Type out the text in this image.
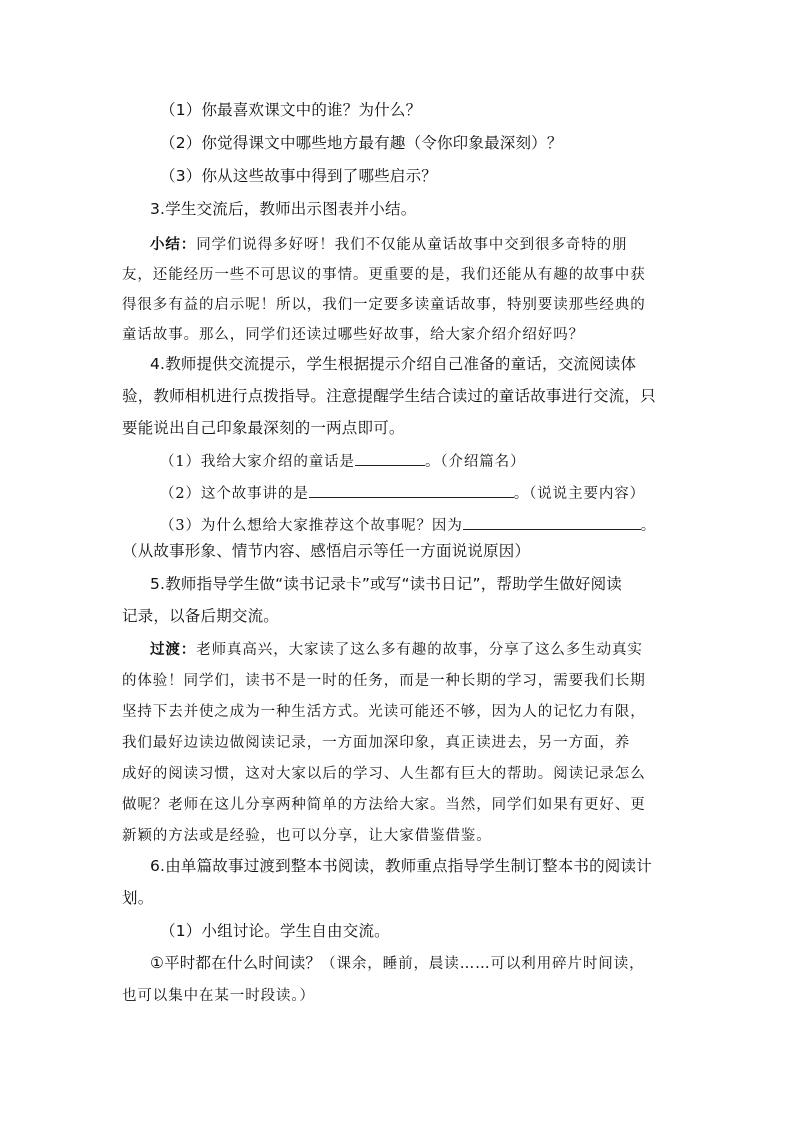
（1）你最喜欢课文中的谁？为什么？
（2）你觉得课文中哪些地方最有趣（令你印象最深刻）？
（3）你从这些故事中得到了哪些启示？
3.学生交流后，教师出示图表并小结。
小结：同学们说得多好呀！我们不仅能从童话故事中交到很多奇特的朋
友，还能经历一些不可思议的事情。更重要的是，我们还能从有趣的故事中获
得很多有益的启示呢！所以，我们一定要多读童话故事，特别要读那些经典的
童话故事。那么，同学们还读过哪些好故事，给大家介绍介绍好吗？
4.教师提供交流提示，学生根据提示介绍自己准备的童话，交流阅读体
验，教师相机进行点拨指导。注意提醒学生结合读过的童话故事进行交流，只
要能说出自己印象最深刻的一两点即可。
（1）我给大家介绍的童话是	。（介绍篇名）
（2）这个故事讲的是	。（说说主要内容）
（3）为什么想给大家推荐这个故事呢？因为	。
（从故事形象、情节内容、感悟启示等任一方面说说原因）
5.教师指导学生做“读书记录卡”或写“读书日记”，帮助学生做好阅读
记录，以备后期交流。
过渡：老师真高兴，大家读了这么多有趣的故事，分享了这么多生动真实
的体验！同学们，读书不是一时的任务，而是一种长期的学习，需要我们长期
坚持下去并使之成为一种生活方式。光读可能还不够，因为人的记忆力有限，
我们最好边读边做阅读记录，一方面加深印象，真正读进去，另一方面，养
成好的阅读习惯，这对大家以后的学习、人生都有巨大的帮助。阅读记录怎么
做呢？老师在这儿分享两种简单的方法给大家。当然，同学们如果有更好、更
新颖的方法或是经验，也可以分享，让大家借鉴借鉴。
6.由单篇故事过渡到整本书阅读，教师重点指导学生制订整本书的阅读计
划。
（1）小组讨论。学生自由交流。
①平时都在什么时间读？（课余，睡前，晨读……可以利用碎片时间读，
也可以集中在某一时段读。）
